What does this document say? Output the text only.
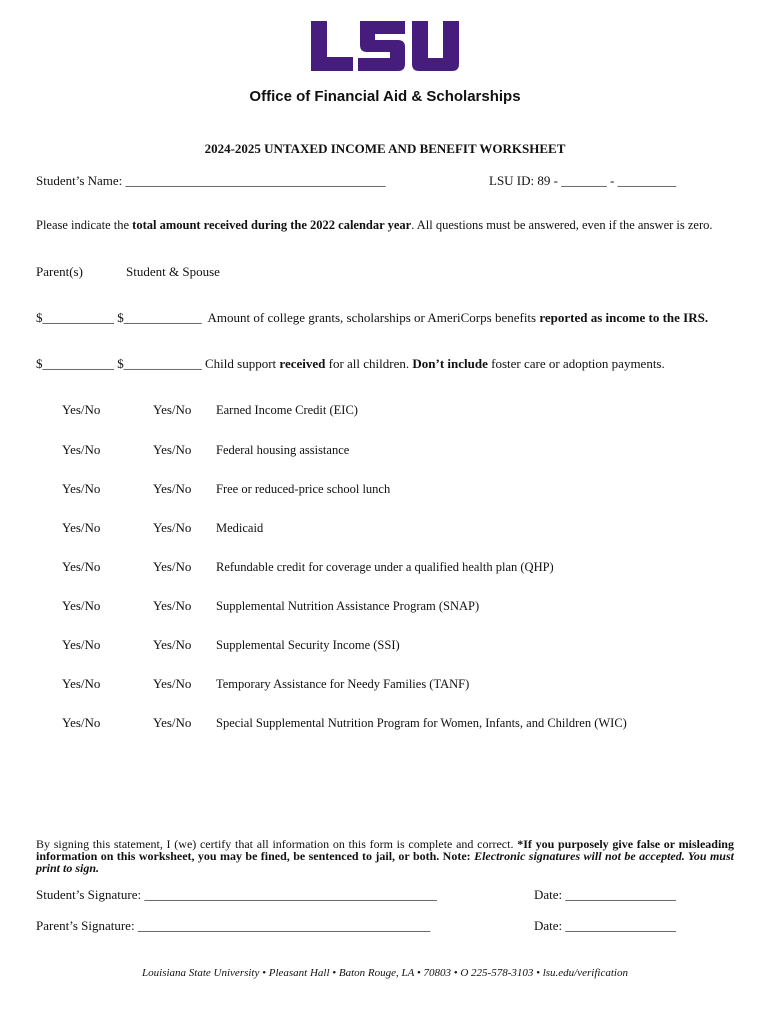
Office of Financial Aid & Scholarships
2024-2025 UNTAXED INCOME AND BENEFIT WORKSHEET
Student’s Name: ________________________________________	LSU ID: 89 - _______ - _________
Please indicate the total amount received during the 2022 calendar year. All questions must be answered, even if the answer is zero.
Parent(s)	Student & Spouse
$___________ $____________ Amount of college grants, scholarships or AmeriCorps benefits reported as income to the IRS.
$___________ $____________ Child support received for all children. Don’t include foster care or adoption payments.
Yes/No	Yes/No Earned Income Credit (EIC)
Yes/No	Yes/No Federal housing assistance
Yes/No	Yes/No Free or reduced-price school lunch
Yes/No	Yes/No Medicaid
Yes/No	Yes/No Refundable credit for coverage under a qualified health plan (QHP)
Yes/No	Yes/No Supplemental Nutrition Assistance Program (SNAP)
Yes/No	Yes/No Supplemental Security Income (SSI)
Yes/No	Yes/No Temporary Assistance for Needy Families (TANF)
Yes/No	Yes/No Special Supplemental Nutrition Program for Women, Infants, and Children (WIC)
By signing this statement, I (we) certify that all information on this form is complete and correct. *If you purposely give false or misleading information on this worksheet, you may be fined, be sentenced to jail, or both. Note: Electronic signatures will not be accepted. You must print to sign.
Student’s Signature: _____________________________________________	Date: _________________
Parent’s Signature: _____________________________________________	Date: _________________
Louisiana State University • Pleasant Hall • Baton Rouge, LA • 70803 • O 225-578-3103 • lsu.edu/verification
